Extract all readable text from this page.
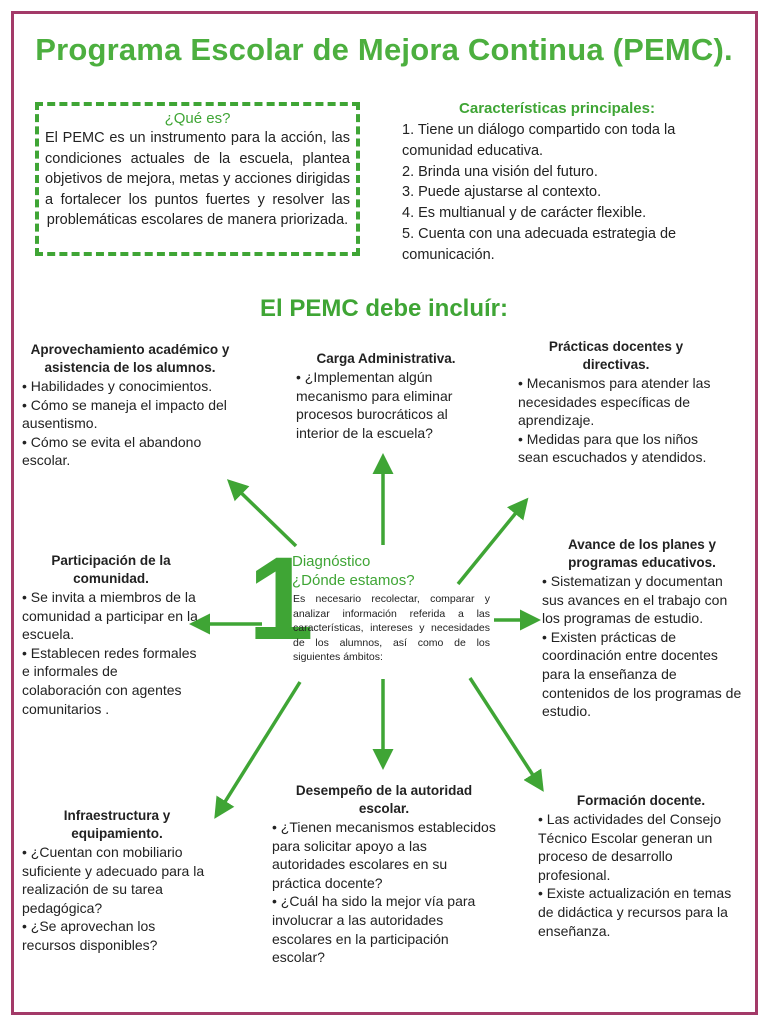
Programa Escolar de Mejora Continua (PEMC).

¿Qué es?

El PEMC es un instrumento para la acción, las condiciones actuales de la escuela, plantea objetivos de mejora, metas y acciones dirigidas a fortalecer los puntos fuertes y resolver las problemáticas escolares de manera priorizada.

Características principales:
1. Tiene un diálogo compartido con toda la comunidad educativa.
2. Brinda una visión del futuro.
3. Puede ajustarse al contexto.
4. Es multianual y de carácter flexible.
5. Cuenta con una adecuada estrategia de comunicación.
El PEMC debe incluír:
Aprovechamiento académico y asistencia de los alumnos.

• Habilidades y conocimientos.

• Cómo se maneja el impacto del ausentismo.

• Cómo se evita el abandono escolar.

Carga Administrativa.

• ¿Implementan algún mecanismo para eliminar procesos burocráticos al interior de la escuela?

Prácticas docentes y directivas.

• Mecanismos para atender las necesidades específicas de aprendizaje.

• Medidas para que los niños sean escuchados y atendidos.

Participación de la comunidad.

• Se invita a miembros de la comunidad a participar en la escuela.

• Establecen redes formales e informales de colaboración con agentes comunitarios .

Avance de los planes y programas educativos.

• Sistematizan y documentan sus avances en el trabajo con los programas de estudio.

• Existen prácticas de coordinación entre docentes para la enseñanza de contenidos de los programas de estudio.

Infraestructura y equipamiento.

• ¿Cuentan con mobiliario suficiente y adecuado para la realización de su tarea pedagógica?

• ¿Se aprovechan los recursos disponibles?

Desempeño de la autoridad escolar.

• ¿Tienen mecanismos establecidos para solicitar apoyo a las autoridades escolares en su práctica docente?

• ¿Cuál ha sido la mejor vía para involucrar a las autoridades escolares en la participación escolar?

Formación docente.

• Las actividades del Consejo Técnico Escolar generan un proceso de desarrollo profesional.

• Existe actualización en temas de didáctica y recursos para la enseñanza.

1
Diagnóstico
¿Dónde estamos?
Es necesario recolectar, comparar y analizar información referida a las características, intereses y necesidades de los alumnos, así como de los siguientes ámbitos:
